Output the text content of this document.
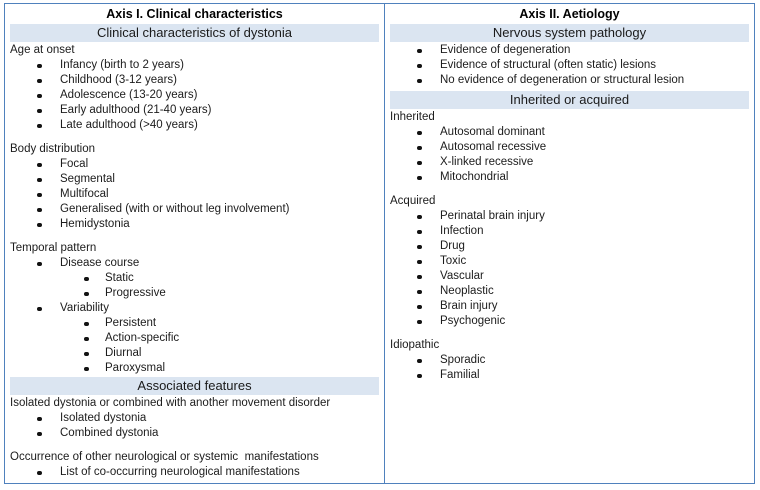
Axis I. Clinical characteristics
Clinical characteristics of dystonia
Age at onset
Infancy (birth to 2 years)
Childhood (3-12 years)
Adolescence (13-20 years)
Early adulthood (21-40 years)
Late adulthood (>40 years)
Body distribution
Focal
Segmental
Multifocal
Generalised (with or without leg involvement)
Hemidystonia
Temporal pattern
Disease course
Static
Progressive
Variability
Persistent
Action-specific
Diurnal
Paroxysmal
Associated features
Isolated dystonia or combined with another movement disorder
Isolated dystonia
Combined dystonia
Occurrence of other neurological or systemic  manifestations
List of co-occurring neurological manifestations
Axis II. Aetiology
Nervous system pathology
Evidence of degeneration
Evidence of structural (often static) lesions
No evidence of degeneration or structural lesion
Inherited or acquired
Inherited
Autosomal dominant
Autosomal recessive
X-linked recessive
Mitochondrial
Acquired
Perinatal brain injury
Infection
Drug
Toxic
Vascular
Neoplastic
Brain injury
Psychogenic
Idiopathic
Sporadic
Familial
